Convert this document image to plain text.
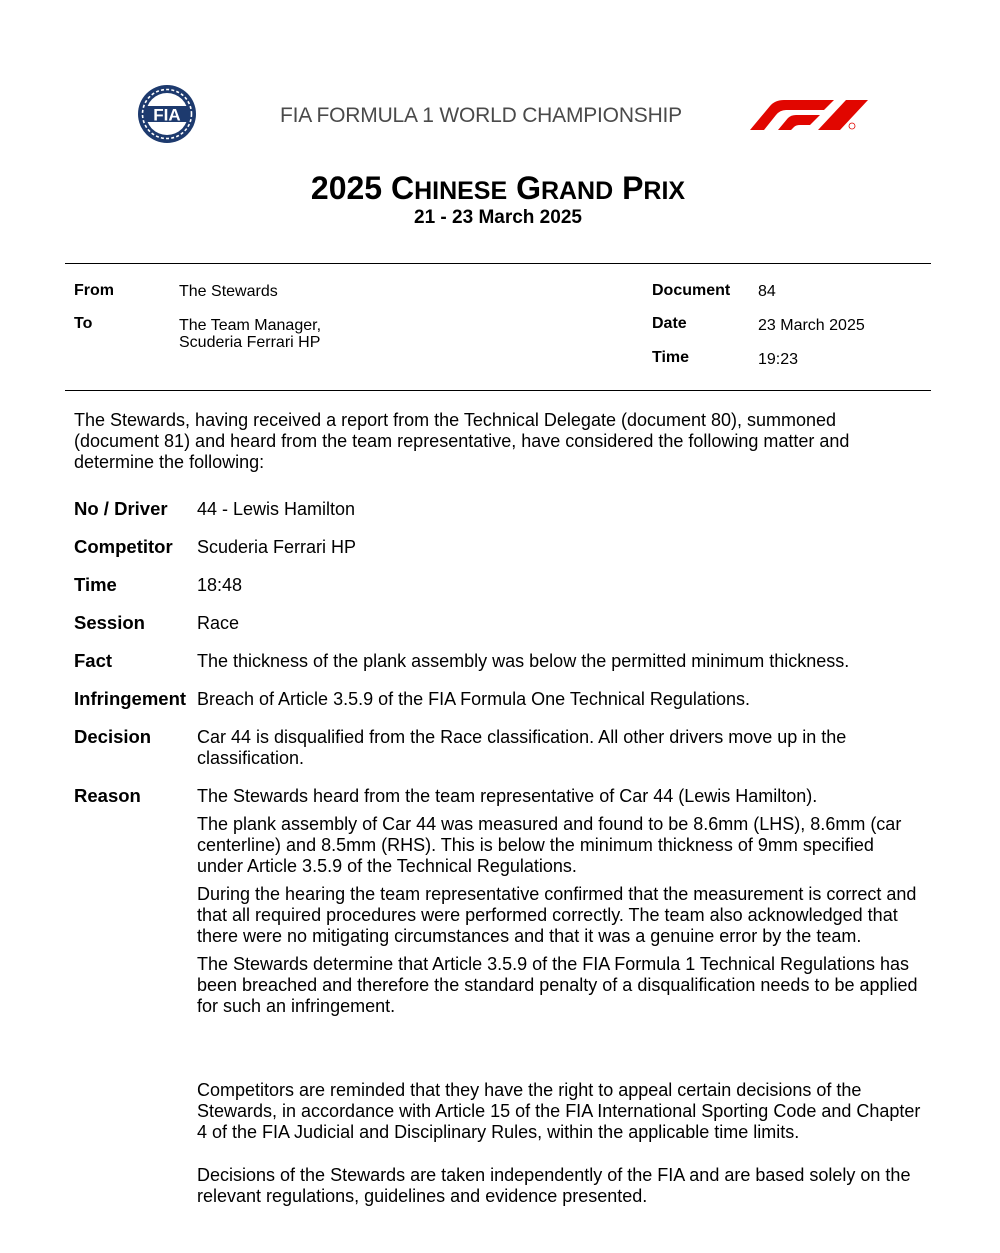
FIA	FIA FORMULA 1 WORLD CHAMPIONSHIP
2025 CHINESE GRAND PRIX
21 - 23 March 2025
From	The Stewards
To	The Team Manager,
Scuderia Ferrari HP
Document 84
Date	23 March 2025
Time	19:23
The Stewards, having received a report from the Technical Delegate (document 80), summoned (document 81) and heard from the team representative, have considered the following matter and determine the following:
No / Driver 44 - Lewis Hamilton
Competitor Scuderia Ferrari HP
Time	18:48
Session	Race
Fact	The thickness of the plank assembly was below the permitted minimum thickness.
Infringement Breach of Article 3.5.9 of the FIA Formula One Technical Regulations.
Decision	Car 44 is disqualified from the Race classification. All other drivers move up in the classification.
Reason	The Stewards heard from the team representative of Car 44 (Lewis Hamilton).

The plank assembly of Car 44 was measured and found to be 8.6mm (LHS), 8.6mm (car centerline) and 8.5mm (RHS). This is below the minimum thickness of 9mm specified under Article 3.5.9 of the Technical Regulations.

During the hearing the team representative confirmed that the measurement is correct and that all required procedures were performed correctly. The team also acknowledged that there were no mitigating circumstances and that it was a genuine error by the team.

The Stewards determine that Article 3.5.9 of the FIA Formula 1 Technical Regulations has been breached and therefore the standard penalty of a disqualification needs to be applied for such an infringement.

Competitors are reminded that they have the right to appeal certain decisions of the Stewards, in accordance with Article 15 of the FIA International Sporting Code and Chapter 4 of the FIA Judicial and Disciplinary Rules, within the applicable time limits.
Decisions of the Stewards are taken independently of the FIA and are based solely on the relevant regulations, guidelines and evidence presented.
